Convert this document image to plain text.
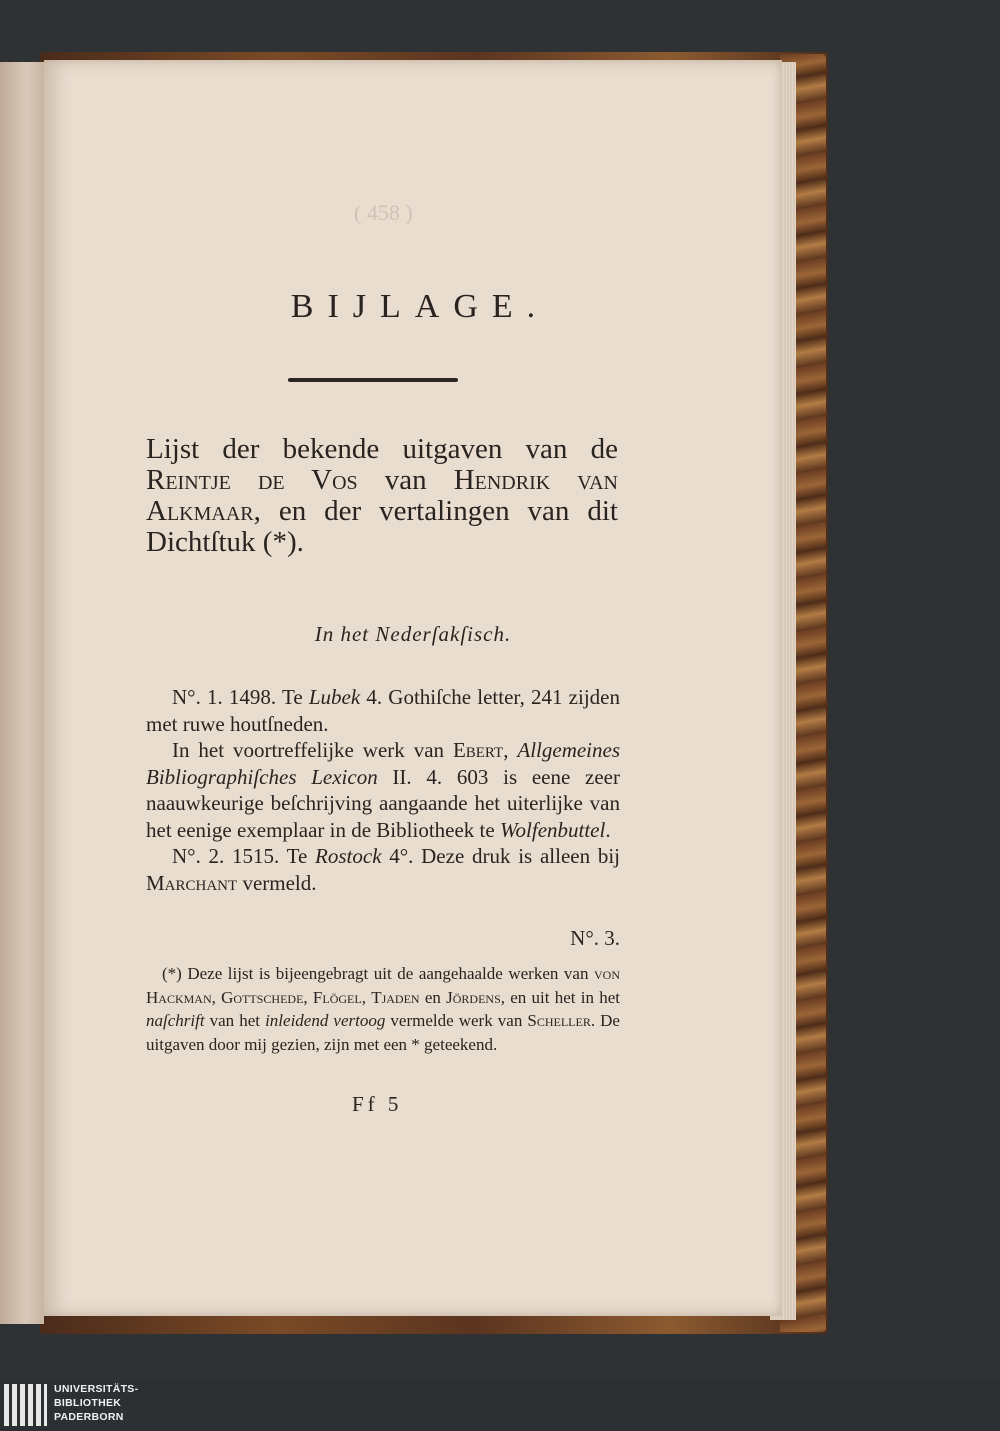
( 458 )
BIJLAGE.
Lijst der bekende uitgaven van de Reintje de Vos van Hendrik van Alkmaar, en der vertalingen van dit Dichtſtuk (*).
In het Nederſakſisch.

N°. 1. 1498. Te Lubek 4. Gothiſche letter, 241 zijden met ruwe houtſneden.

In het voortreffelijke werk van Ebert, Allgemeines Bibliographiſches Lexicon II. 4. 603 is eene zeer naauwkeurige beſchrijving aangaande het uiterlijke van het eenige exemplaar in de Bibliotheek te Wolfenbuttel.

N°. 2. 1515. Te Rostock 4°. Deze druk is alleen bij Marchant vermeld.

N°. 3.

(*) Deze lijst is bijeengebragt uit de aangehaalde werken van von Hackman, Gottschede, Flögel, Tjaden en Jördens, en uit het in het naſchrift van het inleidend vertoog vermelde werk van Scheller. De uitgaven door mij gezien, zijn met een * geteekend.

Ff 5
UNIVERSITÄTS-
BIBLIOTHEK
PADERBORN
